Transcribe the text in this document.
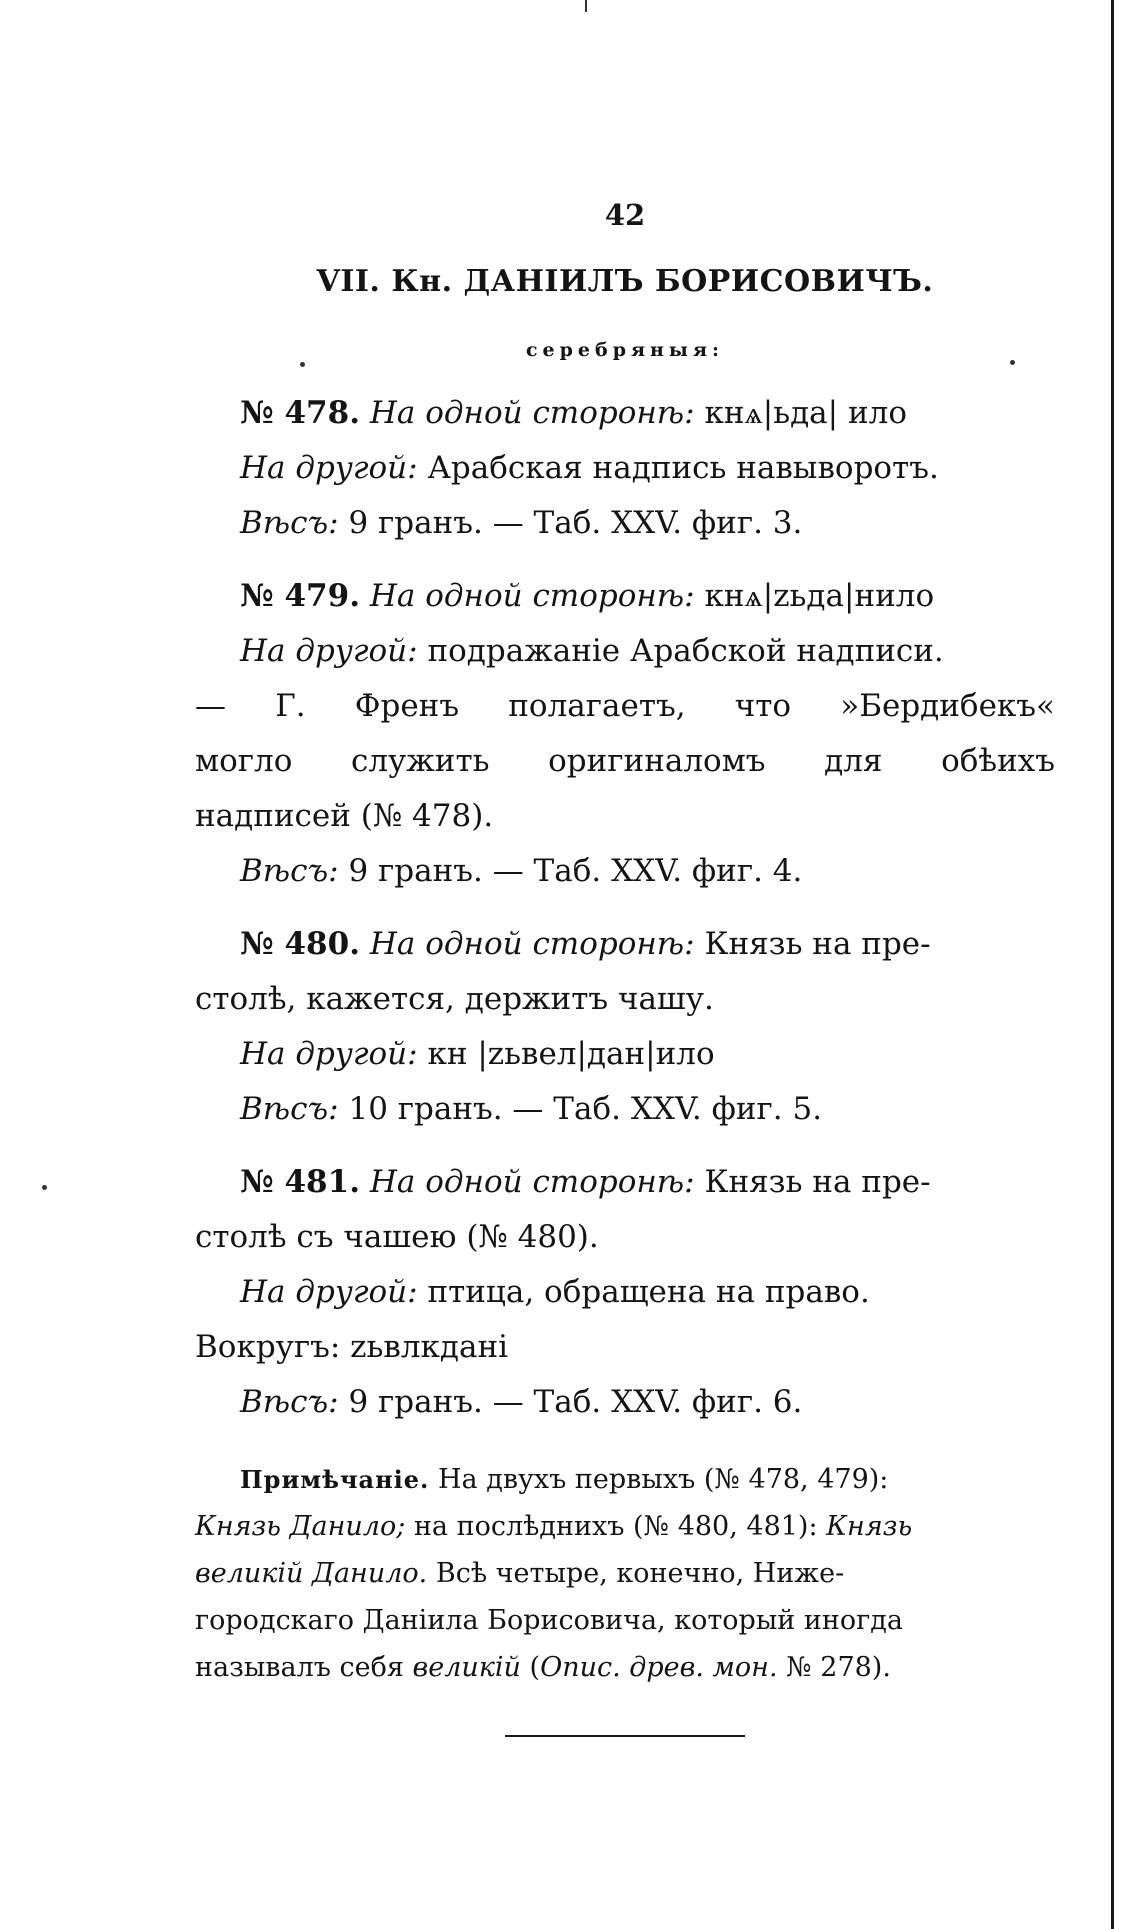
42
VII. Кн. ДАНІИЛЪ БОРИСОВИЧЪ.
серебряныя:
№ 478. На одной сторонѣ: кнѧ|ьда| ило
На другой: Арабская надпись навыворотъ.
Вѣсъ: 9 гранъ. — Таб. XXV. фиг. 3.
№ 479. На одной сторонѣ: кнѧ|zьда|нило
На другой: подражаніе Арабской надписи.
— Г. Френъ полагаетъ, что »Бердибекъ«
могло служить оригиналомъ для обѣихъ
надписей (№ 478).
Вѣсъ: 9 гранъ. — Таб. XXV. фиг. 4.
№ 480. На одной сторонѣ: Князь на пре-
столѣ, кажется, держитъ чашу.
На другой: кн |zьвел|дан|ило
Вѣсъ: 10 гранъ. — Таб. XXV. фиг. 5.
№ 481. На одной сторонѣ: Князь на пре-
столѣ съ чашею (№ 480).
На другой: птица, обращена на право.
Вокругъ: zьвлкдані
Вѣсъ: 9 гранъ. — Таб. XXV. фиг. 6.
Примѣчаніе. На двухъ первыхъ (№ 478, 479):
Князь Данило; на послѣднихъ (№ 480, 481): Князь
великій Данило. Всѣ четыре, конечно, Ниже-
городскаго Даніила Борисовича, который иногда
называлъ себя великій (Опис. древ. мон. № 278).
